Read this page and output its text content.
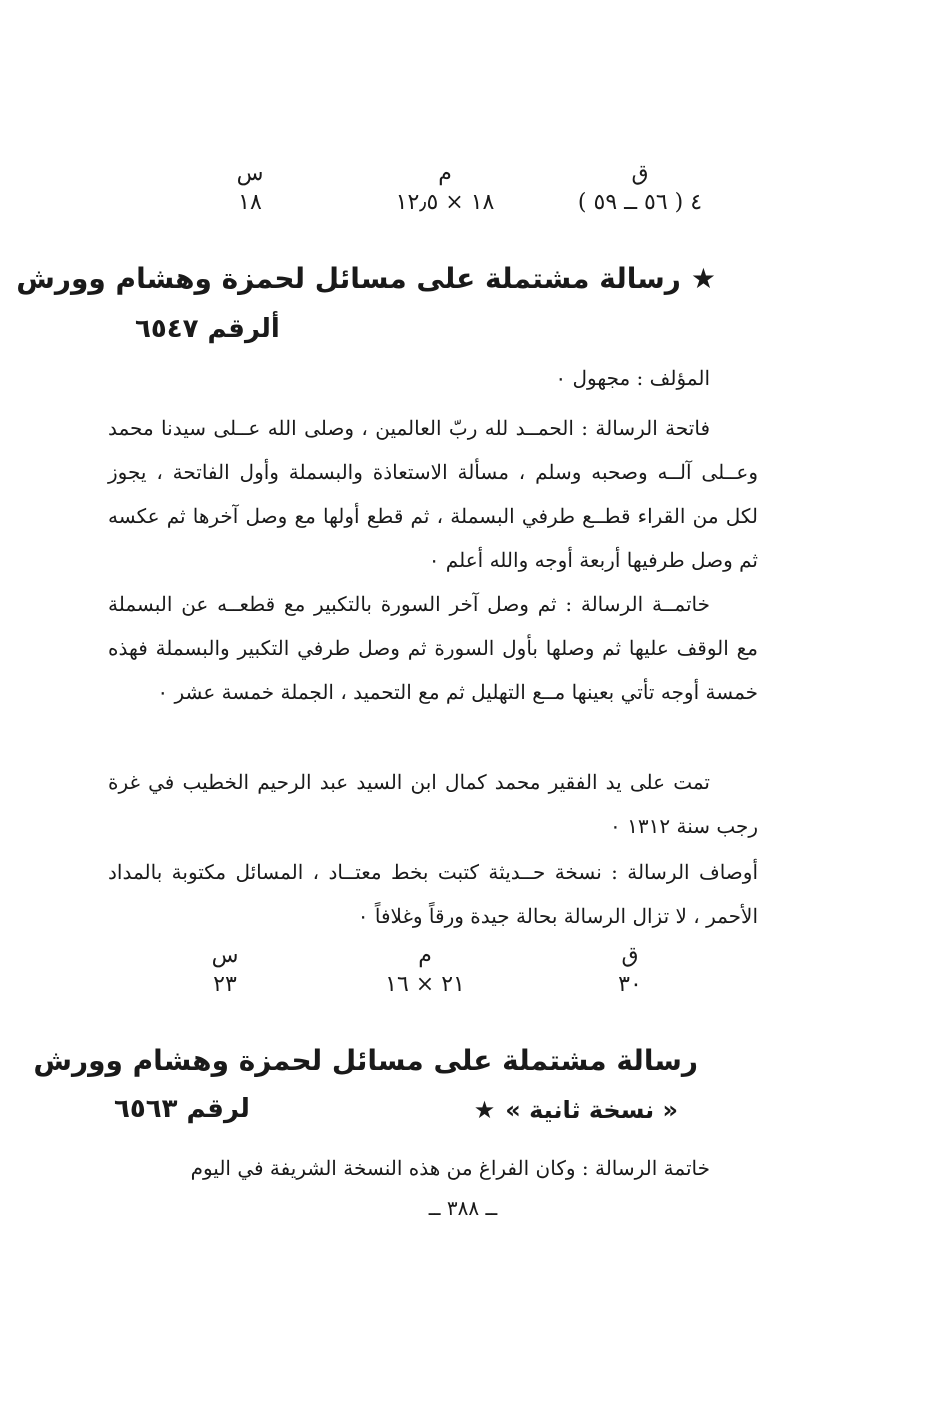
ق
٤ ( ٥٦ ــ ٥٩ )
م
١٨ × ١٢٫٥
س
١٨
★رسالة مشتملة على مسائل لحمزة وهشام وورش
ألرقم ٦٥٤٧
المؤلف : مجهول ٠
فاتحة الرسالة : الحمــد لله ربّ العالمين ، وصلى الله عــلى سيدنا محمد وعــلى آلــه وصحبه وسلم ، مسألة الاستعاذة والبسملة وأول الفاتحة ، يجوز لكل من القراء قطــع طرفي البسملة ، ثم قطع أولها مع وصل آخرها ثم عكسه ثم وصل طرفيها أربعة أوجه والله أعلم ٠
خاتمــة الرسالة : ثم وصل آخر السورة بالتكبير مع قطعــه عن البسملة مع الوقف عليها ثم وصلها بأول السورة ثم وصل طرفي التكبير والبسملة فهذه خمسة أوجه تأتي بعينها مــع التهليل ثم مع التحميد ، الجملة خمسة عشر ٠
تمت على يد الفقير محمد كمال ابن السيد عبد الرحيم الخطيب في غرة رجب سنة ١٣١٢ ٠
أوصاف الرسالة : نسخة حــديثة كتبت بخط معتــاد ، المسائل مكتوبة بالمداد الأحمر ، لا تزال الرسالة بحالة جيدة ورقاً وغلافاً ٠
ق
٣٠
م
٢١ × ١٦
س
٢٣
رسالة مشتملة على مسائل لحمزة وهشام وورش
« نسخة ثانية »★
لرقم ٦٥٦٣
خاتمة الرسالة : وكان الفراغ من هذه النسخة الشريفة في اليوم
ــ ٣٨٨ ــ
